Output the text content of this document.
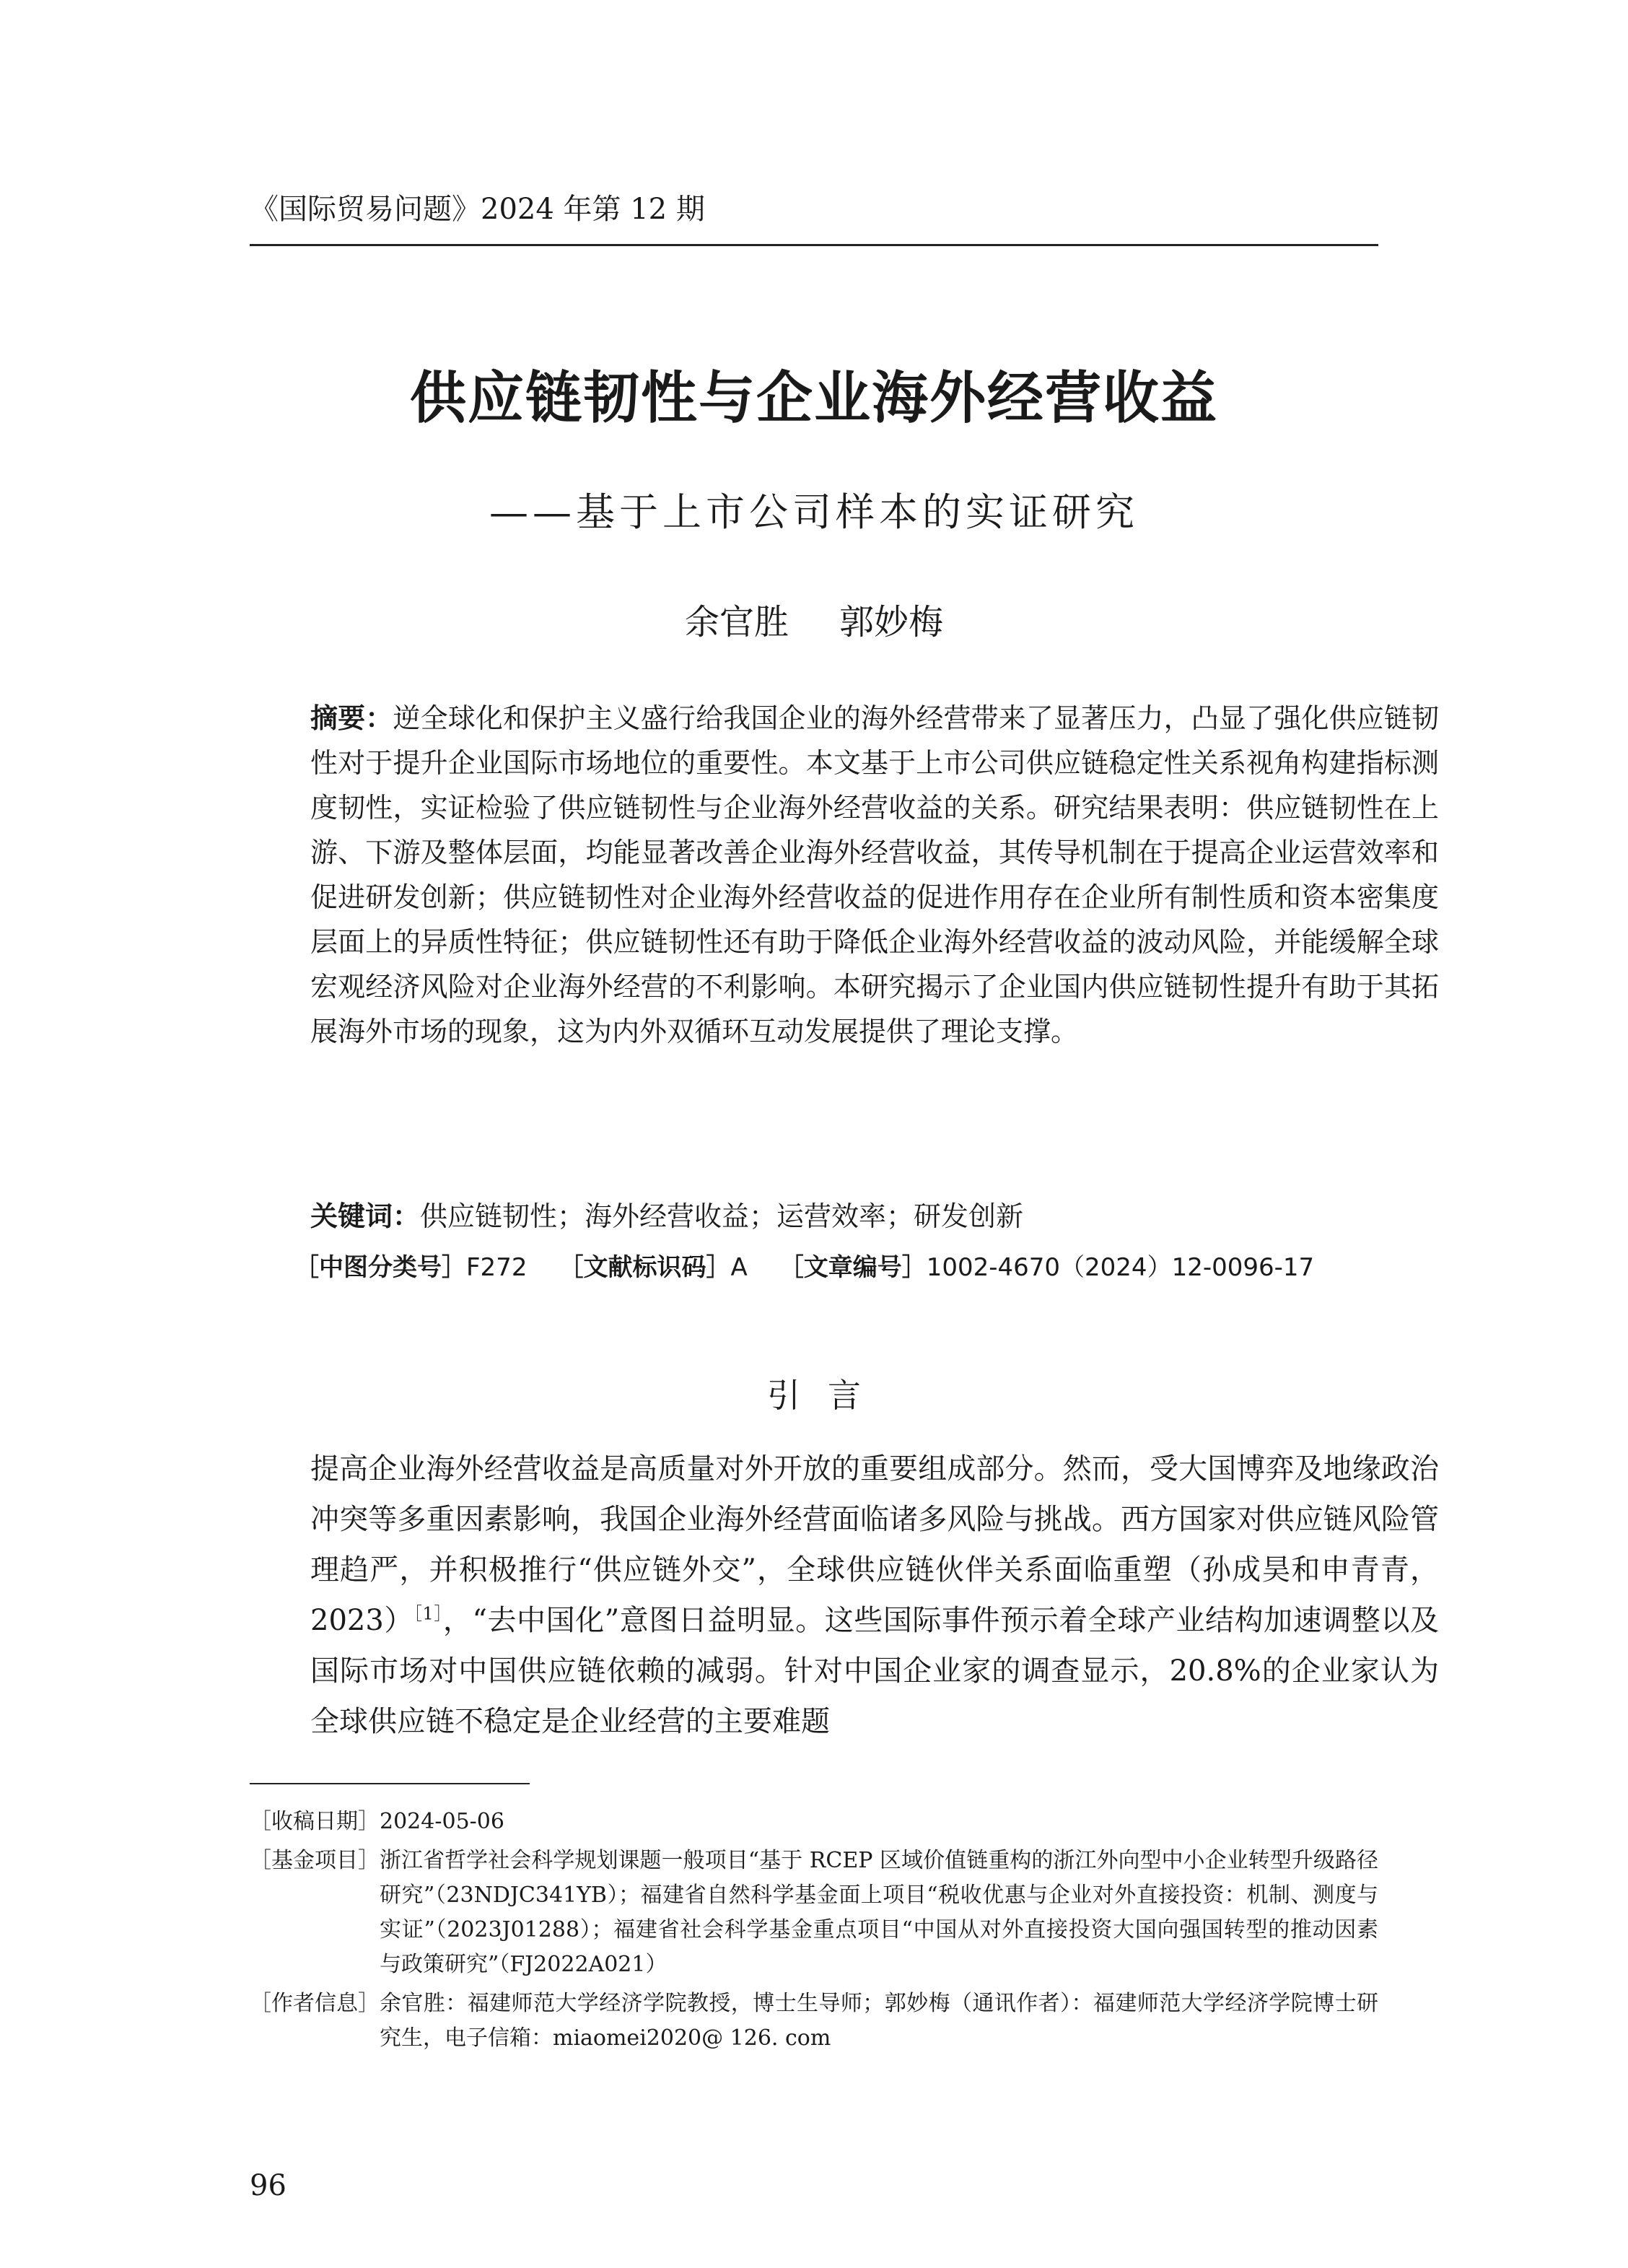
《国际贸易问题》2024 年第 12 期
供应链韧性与企业海外经营收益
——基于上市公司样本的实证研究
余官胜 郭妙梅
摘要：逆全球化和保护主义盛行给我国企业的海外经营带来了显著压力，凸显了强化供应链韧性对于提升企业国际市场地位的重要性。本文基于上市公司供应链稳定性关系视角构建指标测度韧性，实证检验了供应链韧性与企业海外经营收益的关系。研究结果表明：供应链韧性在上游、下游及整体层面，均能显著改善企业海外经营收益，其传导机制在于提高企业运营效率和促进研发创新；供应链韧性对企业海外经营收益的促进作用存在企业所有制性质和资本密集度层面上的异质性特征；供应链韧性还有助于降低企业海外经营收益的波动风险，并能缓解全球宏观经济风险对企业海外经营的不利影响。本研究揭示了企业国内供应链韧性提升有助于其拓展海外市场的现象，这为内外双循环互动发展提供了理论支撑。
关键词：供应链韧性；海外经营收益；运营效率；研发创新
［中图分类号］F272 ［文献标识码］A ［文章编号］1002-4670（2024）12-0096-17
引言
提高企业海外经营收益是高质量对外开放的重要组成部分。然而，受大国博弈及地缘政治冲突等多重因素影响，我国企业海外经营面临诸多风险与挑战。西方国家对供应链风险管理趋严，并积极推行“供应链外交”，全球供应链伙伴关系面临重塑（孙成昊和申青青，2023）$^{[1]}$，“去中国化”意图日益明显。这些国际事件预示着全球产业结构加速调整以及国际市场对中国供应链依赖的减弱。针对中国企业家的调查显示，20.8%的企业家认为全球供应链不稳定是企业经营的主要难题
［收稿日期］ 2024-05-06
［基金项目］ 浙江省哲学社会科学规划课题一般项目“基于 RCEP 区域价值链重构的浙江外向型中小企业转型升级路径研究”（23NDJC341YB）；福建省自然科学基金面上项目“税收优惠与企业对外直接投资：机制、测度与实证”（2023J01288）；福建省社会科学基金重点项目“中国从对外直接投资大国向强国转型的推动因素与政策研究”（FJ2022A021）
［作者信息］ 余官胜：福建师范大学经济学院教授，博士生导师；郭妙梅（通讯作者）：福建师范大学经济学院博士研究生，电子信箱：miaomei2020@ 126. com
96
